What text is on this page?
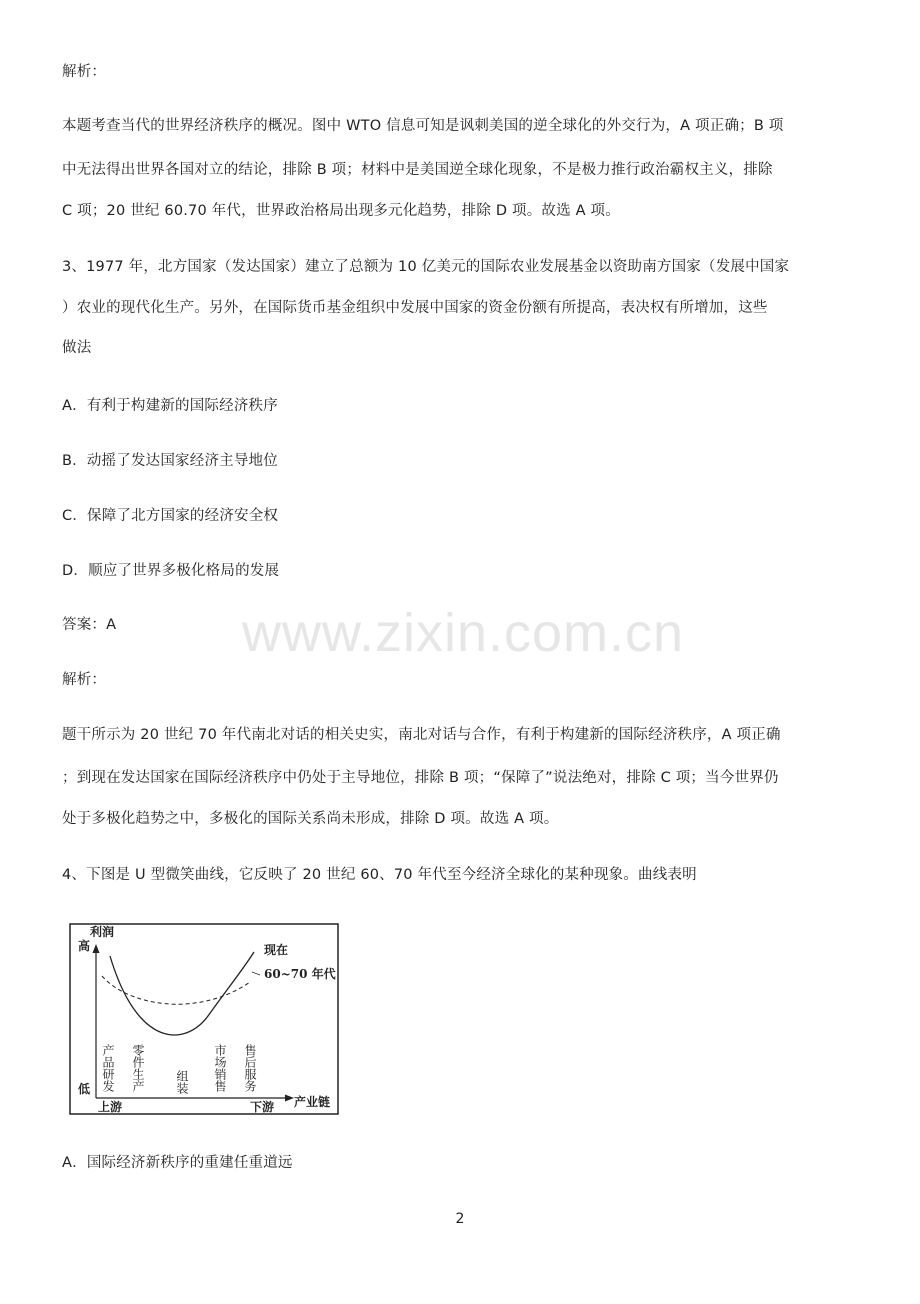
解析：
本题考查当代的世界经济秩序的概况。图中 WTO 信息可知是讽刺美国的逆全球化的外交行为，A 项正确；B 项
中无法得出世界各国对立的结论，排除 B 项；材料中是美国逆全球化现象，不是极力推行政治霸权主义，排除
C 项；20 世纪 60.70 年代，世界政治格局出现多元化趋势，排除 D 项。故选 A 项。
3、1977 年，北方国家（发达国家）建立了总额为 10 亿美元的国际农业发展基金以资助南方国家（发展中国家
）农业的现代化生产。另外，在国际货币基金组织中发展中国家的资金份额有所提高，表决权有所增加，这些
做法
A．有利于构建新的国际经济秩序
B．动摇了发达国家经济主导地位
C．保障了北方国家的经济安全权
D．顺应了世界多极化格局的发展
答案：A
解析：
题干所示为 20 世纪 70 年代南北对话的相关史实，南北对话与合作，有利于构建新的国际经济秩序，A 项正确
；到现在发达国家在国际经济秩序中仍处于主导地位，排除 B 项；“保障了”说法绝对，排除 C 项；当今世界仍
处于多极化趋势之中，多极化的国际关系尚未形成，排除 D 项。故选 A 项。
4、下图是 U 型微笑曲线，它反映了 20 世纪 60、70 年代至今经济全球化的某种现象。曲线表明
利润
高
低
上游	下游 产业链
现在
60~70 年代
产品研发 零件生产	组装 市场销售 售后服务
A．国际经济新秩序的重建任重道远
www.zixin.com.cn
2
